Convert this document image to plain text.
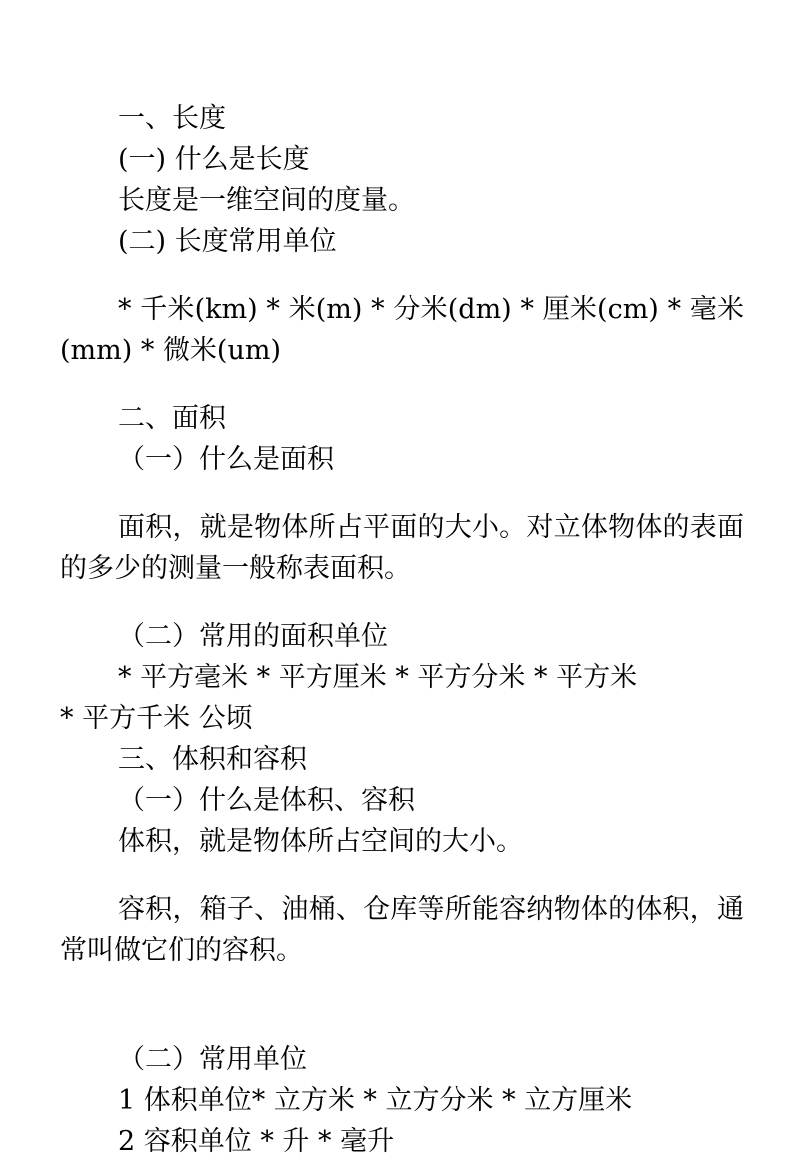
一、长度

(一) 什么是长度

长度是一维空间的度量。

(二) 长度常用单位

* 千米(km) * 米(m) * 分米(dm) * 厘米(cm) * 毫米(mm) * 微米(um)

二、面积

（一）什么是面积

面积，就是物体所占平面的大小。对立体物体的表面的多少的测量一般称表面积。

（二）常用的面积单位

* 平方毫米 * 平方厘米 * 平方分米 * 平方米

* 平方千米 公顷

三、体积和容积

（一）什么是体积、容积

体积，就是物体所占空间的大小。

容积，箱子、油桶、仓库等所能容纳物体的体积，通常叫做它们的容积。

（二）常用单位

1 体积单位* 立方米 * 立方分米 * 立方厘米

2 容积单位 * 升 * 毫升
